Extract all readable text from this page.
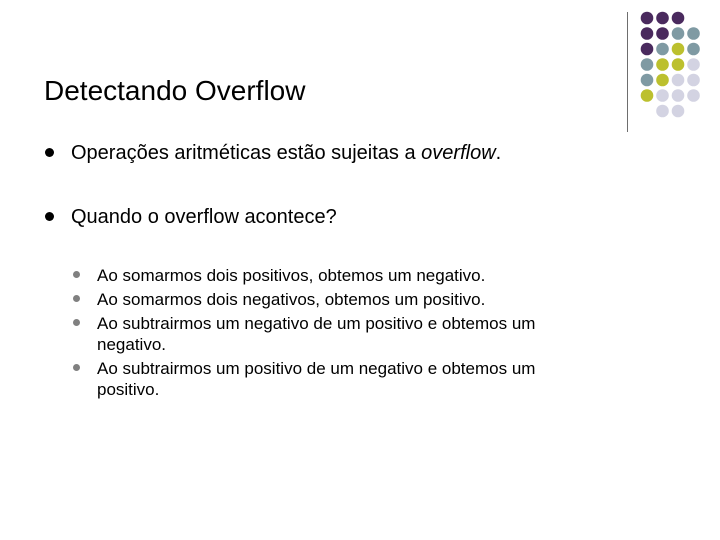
Detectando Overflow
Operações aritméticas estão sujeitas a overflow.
Quando o overflow acontece?
Ao somarmos dois positivos, obtemos um negativo.
Ao somarmos dois negativos, obtemos um positivo.
Ao subtrairmos um negativo de um positivo e obtemos um
negativo.
Ao subtrairmos um positivo de um negativo e obtemos um
positivo.
